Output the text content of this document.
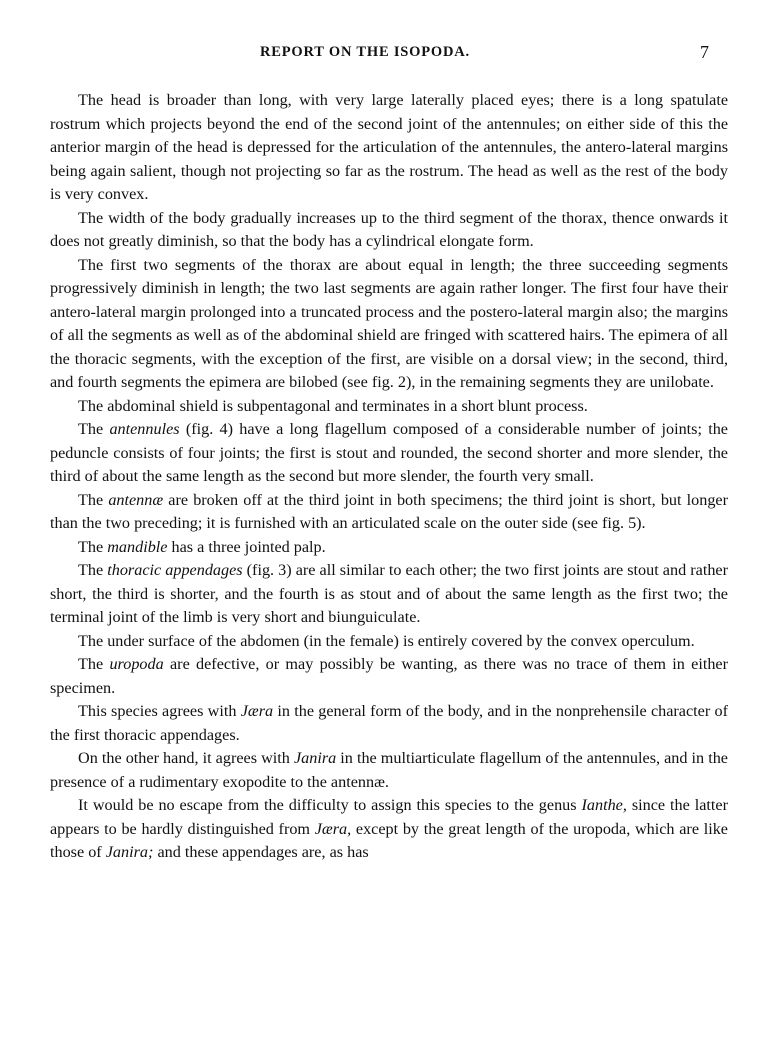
REPORT ON THE ISOPODA.	7

The head is broader than long, with very large laterally placed eyes; there is a long spatulate rostrum which projects beyond the end of the second joint of the antennules; on either side of this the anterior margin of the head is depressed for the articulation of the antennules, the antero-lateral margins being again salient, though not projecting so far as the rostrum. The head as well as the rest of the body is very convex.

The width of the body gradually increases up to the third segment of the thorax, thence onwards it does not greatly diminish, so that the body has a cylindrical elongate form.

The first two segments of the thorax are about equal in length; the three succeeding segments progressively diminish in length; the two last segments are again rather longer. The first four have their antero-lateral margin prolonged into a truncated process and the postero-lateral margin also; the margins of all the segments as well as of the abdominal shield are fringed with scattered hairs. The epimera of all the thoracic segments, with the exception of the first, are visible on a dorsal view; in the second, third, and fourth segments the epimera are bilobed (see fig. 2), in the remaining segments they are unilobate.

The abdominal shield is subpentagonal and terminates in a short blunt process.

The antennules (fig. 4) have a long flagellum composed of a considerable number of joints; the peduncle consists of four joints; the first is stout and rounded, the second shorter and more slender, the third of about the same length as the second but more slender, the fourth very small.

The antennæ are broken off at the third joint in both specimens; the third joint is short, but longer than the two preceding; it is furnished with an articulated scale on the outer side (see fig. 5).

The mandible has a three jointed palp.

The thoracic appendages (fig. 3) are all similar to each other; the two first joints are stout and rather short, the third is shorter, and the fourth is as stout and of about the same length as the first two; the terminal joint of the limb is very short and biunguiculate.

The under surface of the abdomen (in the female) is entirely covered by the convex operculum.

The uropoda are defective, or may possibly be wanting, as there was no trace of them in either specimen.

This species agrees with Jæra in the general form of the body, and in the nonprehensile character of the first thoracic appendages.

On the other hand, it agrees with Janira in the multiarticulate flagellum of the antennules, and in the presence of a rudimentary exopodite to the antennæ.

It would be no escape from the difficulty to assign this species to the genus Ianthe, since the latter appears to be hardly distinguished from Jæra, except by the great length of the uropoda, which are like those of Janira; and these appendages are, as has
